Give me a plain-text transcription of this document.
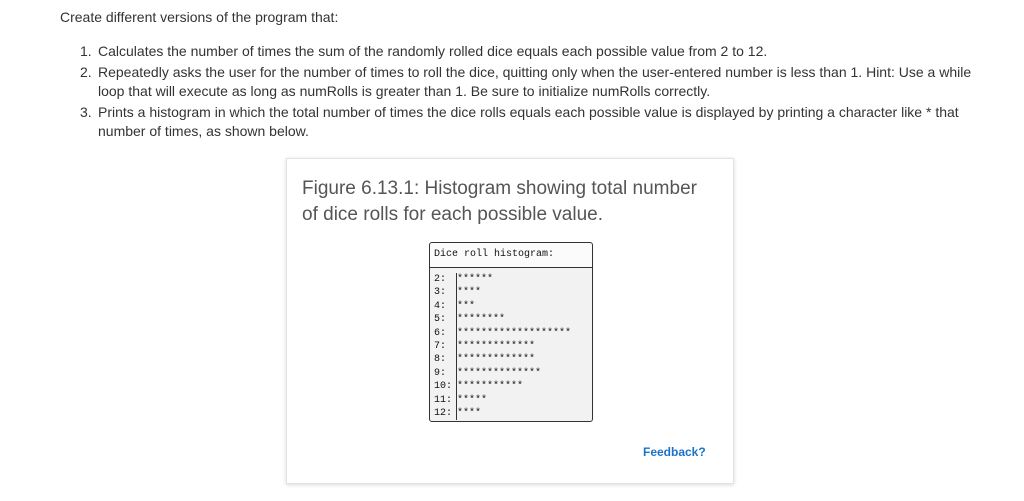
Create different versions of the program that:
1. Calculates the number of times the sum of the randomly rolled dice equals each possible value from 2 to 12.
2. Repeatedly asks the user for the number of times to roll the dice, quitting only when the user-entered number is less than 1. Hint: Use a while loop that will execute as long as numRolls is greater than 1. Be sure to initialize numRolls correctly.
3. Prints a histogram in which the total number of times the dice rolls equals each possible value is displayed by printing a character like * that number of times, as shown below.
Figure 6.13.1: Histogram showing total number of dice rolls for each possible value.
Dice roll histogram:
2:	******
3:	****
4:	***
5:	********
6:	*******************
7:	*************
8:	*************
9:	**************
10: ***********
11: *****
12: ****
Feedback?
